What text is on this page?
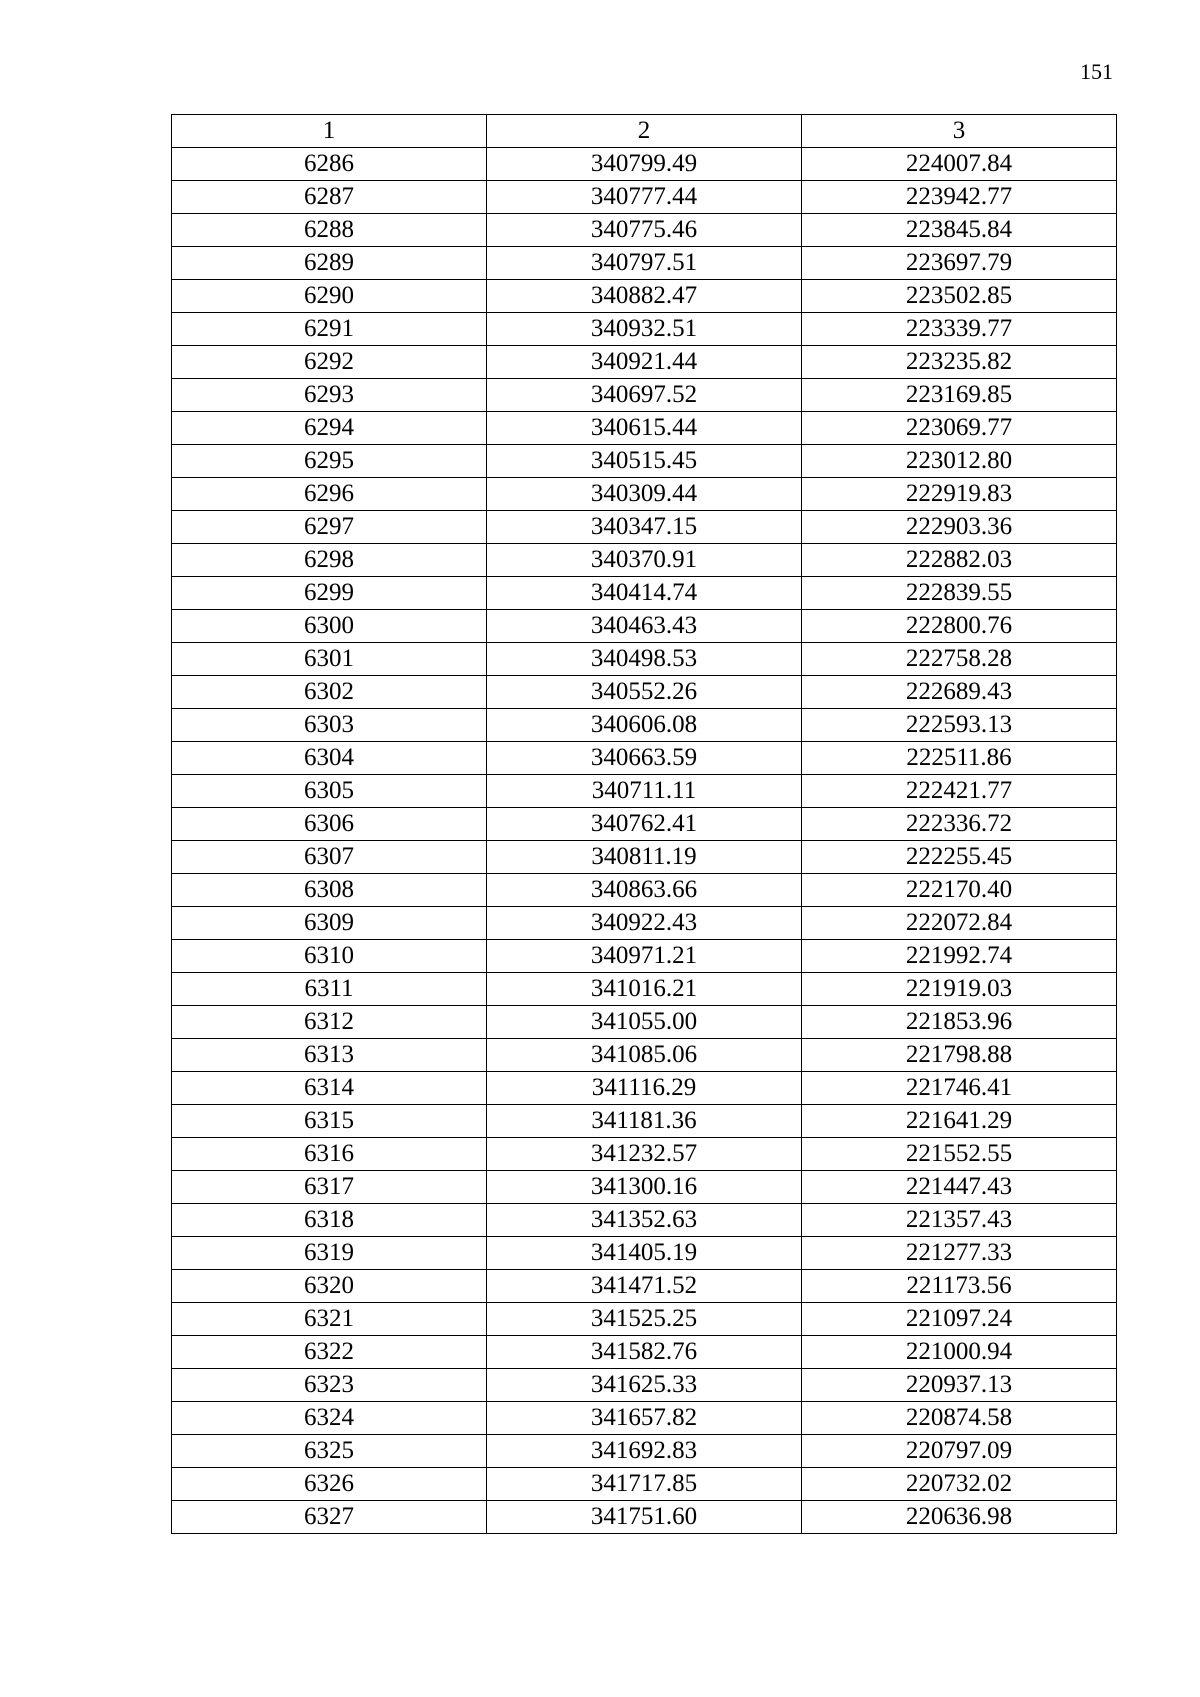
151
1	2	3
6286	340799.49	224007.84
6287	340777.44	223942.77
6288	340775.46	223845.84
6289	340797.51	223697.79
6290	340882.47	223502.85
6291	340932.51	223339.77
6292	340921.44	223235.82
6293	340697.52	223169.85
6294	340615.44	223069.77
6295	340515.45	223012.80
6296	340309.44	222919.83
6297	340347.15	222903.36
6298	340370.91	222882.03
6299	340414.74	222839.55
6300	340463.43	222800.76
6301	340498.53	222758.28
6302	340552.26	222689.43
6303	340606.08	222593.13
6304	340663.59	222511.86
6305	340711.11	222421.77
6306	340762.41	222336.72
6307	340811.19	222255.45
6308	340863.66	222170.40
6309	340922.43	222072.84
6310	340971.21	221992.74
6311	341016.21	221919.03
6312	341055.00	221853.96
6313	341085.06	221798.88
6314	341116.29	221746.41
6315	341181.36	221641.29
6316	341232.57	221552.55
6317	341300.16	221447.43
6318	341352.63	221357.43
6319	341405.19	221277.33
6320	341471.52	221173.56
6321	341525.25	221097.24
6322	341582.76	221000.94
6323	341625.33	220937.13
6324	341657.82	220874.58
6325	341692.83	220797.09
6326	341717.85	220732.02
6327	341751.60	220636.98
